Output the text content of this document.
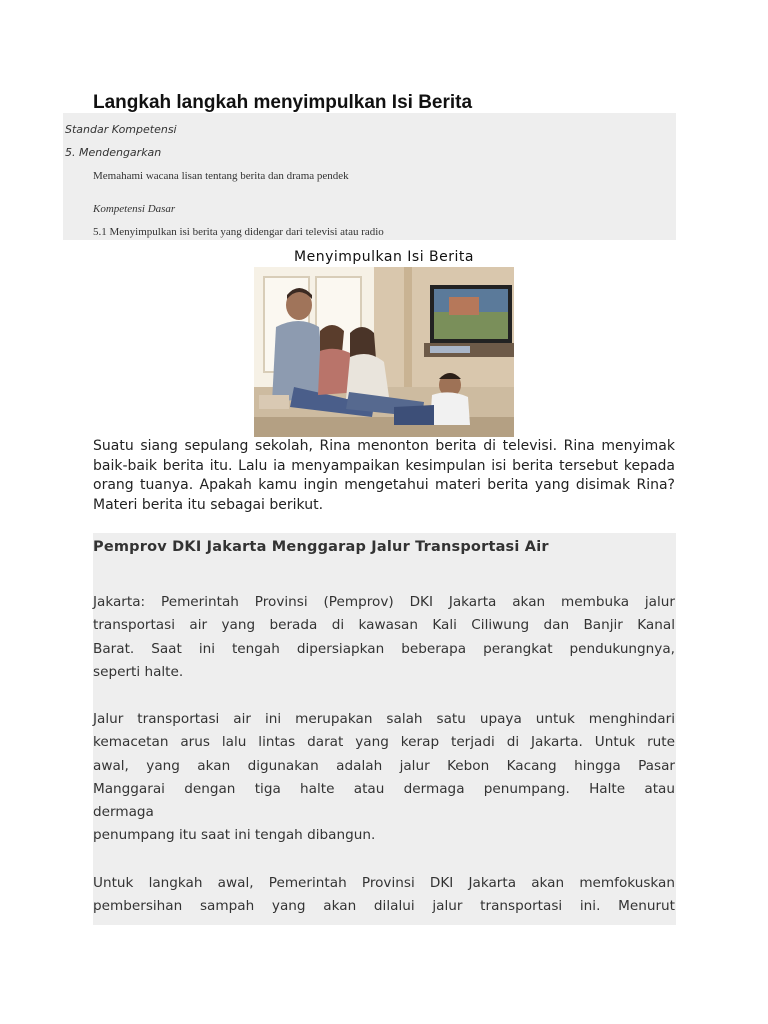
Langkah langkah menyimpulkan Isi Berita
Standar Kompetensi
5. Mendengarkan
Memahami wacana lisan tentang berita dan drama pendek
Kompetensi Dasar
5.1 Menyimpulkan isi berita yang didengar dari televisi atau radio
Menyimpulkan Isi Berita

Suatu siang sepulang sekolah, Rina menonton berita di televisi. Rina menyimak baik-baik berita itu. Lalu ia menyampaikan kesimpulan isi berita tersebut kepada orang tuanya. Apakah kamu ingin mengetahui materi berita yang disimak Rina? Materi berita itu sebagai berikut.

Pemprov DKI Jakarta Menggarap Jalur Transportasi Air

Jakarta: Pemerintah Provinsi (Pemprov) DKI Jakarta akan membuka jalur
transportasi air yang berada di kawasan Kali Ciliwung dan Banjir Kanal
Barat. Saat ini tengah dipersiapkan beberapa perangkat pendukungnya,
seperti halte.

Jalur transportasi air ini merupakan salah satu upaya untuk menghindari
kemacetan arus lalu lintas darat yang kerap terjadi di Jakarta. Untuk rute
awal, yang akan digunakan adalah jalur Kebon Kacang hingga Pasar
Manggarai dengan tiga halte atau dermaga penumpang. Halte atau
dermaga
penumpang itu saat ini tengah dibangun.

Untuk langkah awal, Pemerintah Provinsi DKI Jakarta akan memfokuskan
pembersihan sampah yang akan dilalui jalur transportasi ini. Menurut
